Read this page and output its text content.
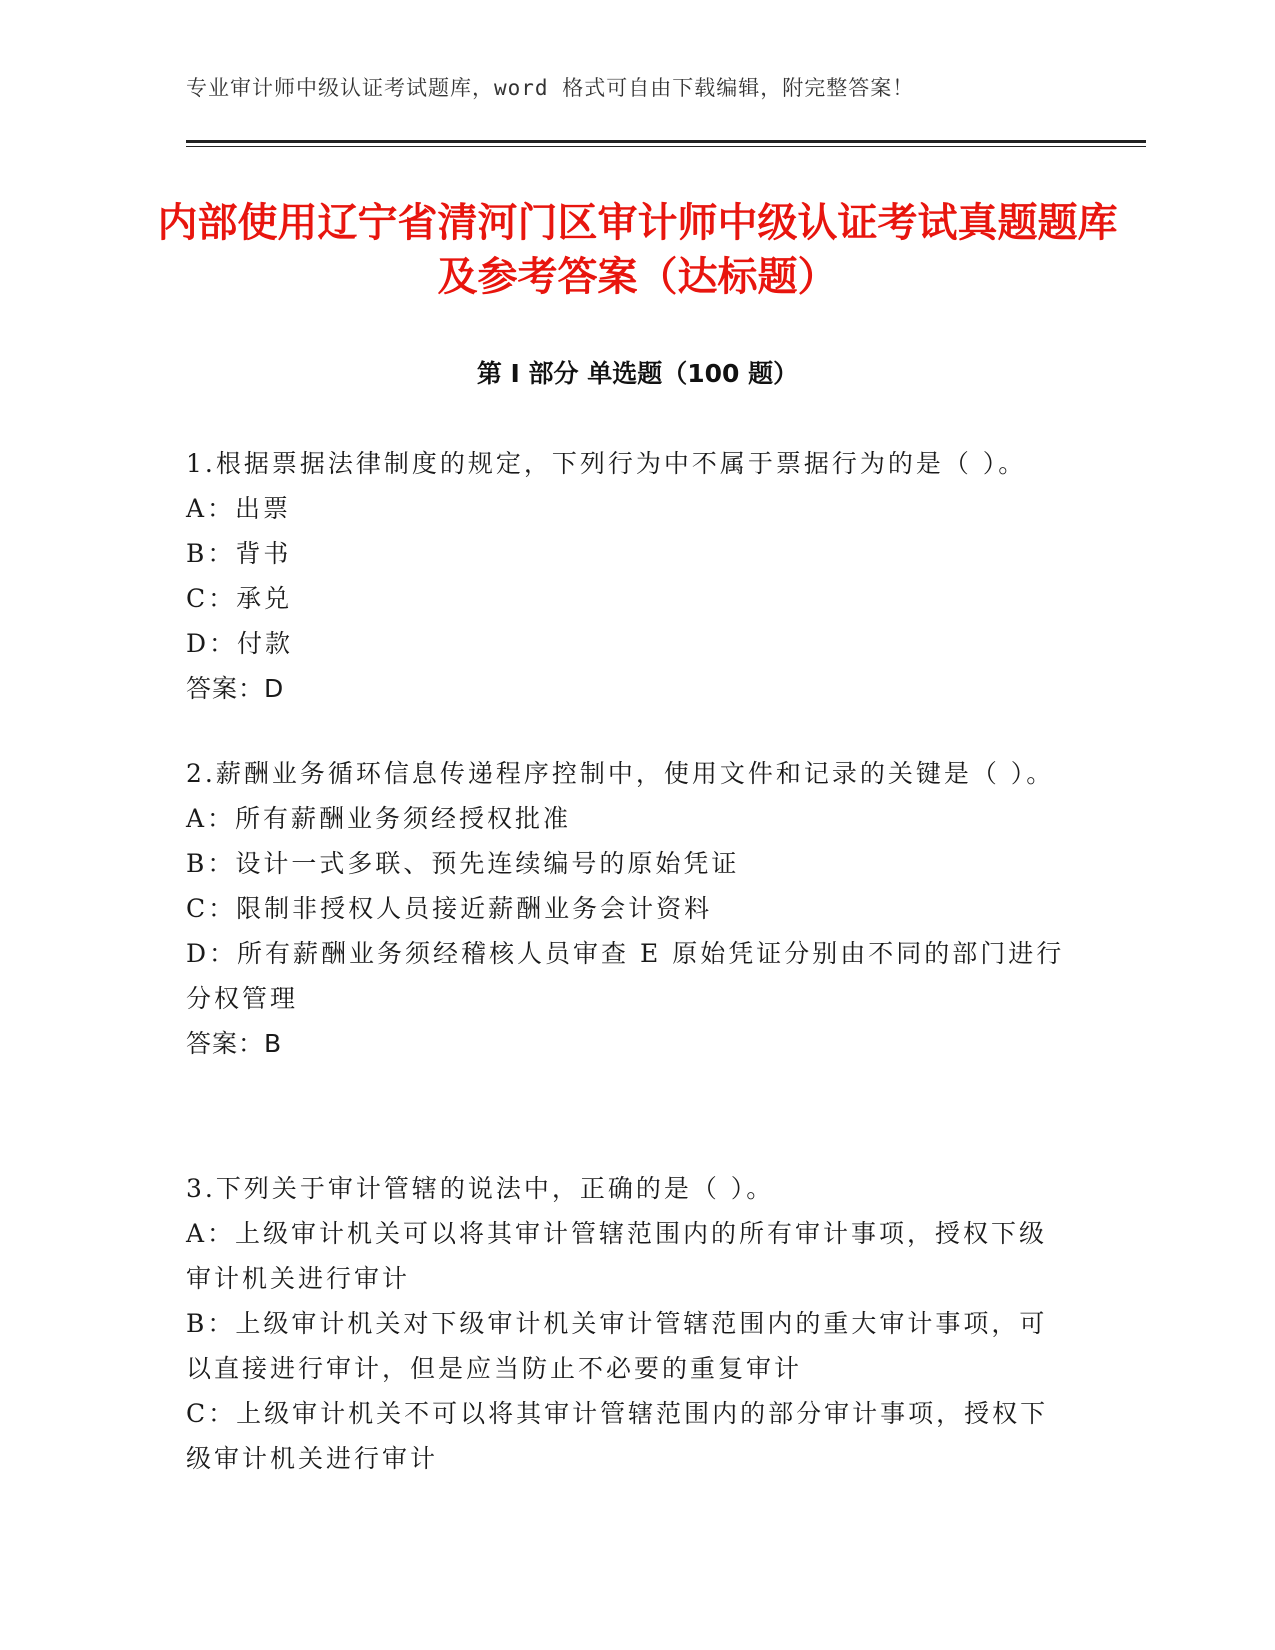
专业审计师中级认证考试题库，word 格式可自由下载编辑，附完整答案！
内部使用辽宁省清河门区审计师中级认证考试真题题库及参考答案（达标题）
第 I 部分 单选题（100 题）

1.根据票据法律制度的规定，下列行为中不属于票据行为的是（ ）。

A：出票

B：背书

C：承兑

D：付款

答案：D

2.薪酬业务循环信息传递程序控制中，使用文件和记录的关键是（ ）。

A：所有薪酬业务须经授权批准

B：设计一式多联、预先连续编号的原始凭证

C：限制非授权人员接近薪酬业务会计资料

D：所有薪酬业务须经稽核人员审查 E 原始凭证分别由不同的部门进行分权管理

答案：B

3.下列关于审计管辖的说法中，正确的是（ ）。

A：上级审计机关可以将其审计管辖范围内的所有审计事项，授权下级审计机关进行审计

B：上级审计机关对下级审计机关审计管辖范围内的重大审计事项，可以直接进行审计，但是应当防止不必要的重复审计

C：上级审计机关不可以将其审计管辖范围内的部分审计事项，授权下级审计机关进行审计
